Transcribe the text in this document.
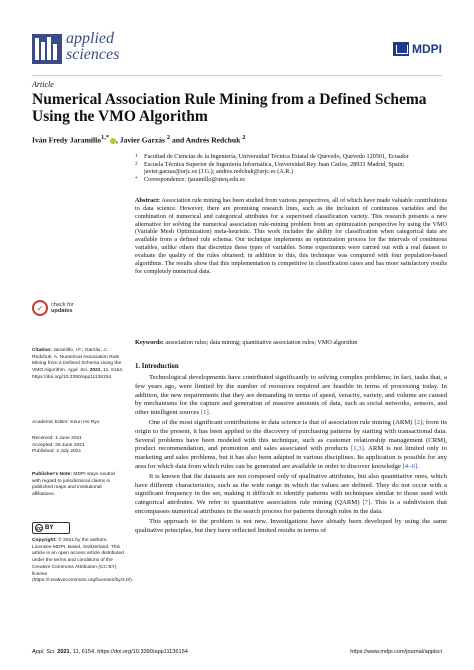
applied
sciences	MDPI
Article
Numerical Association Rule Mining from a Defined Schema Using the VMO Algorithm
Iván Fredy Jaramillo$^{1,*}$ , Javier Garzás $^2$ and Andrés Redchuk $^2$
1	Facultad de Ciencias de la Ingeniería, Universidad Técnica Estatal de Quevedo, Quevedo 120501, Ecuador
2	Escuela Técnica Superior de Ingeniería Informática, Universidad Rey Juan Carlos, 28933 Madrid, Spain; javier.garzas@urjc.es (J.G.); andres.redchuk@urjc.es (A.R.)
*	Correspondence: ijaramillo@uteq.edu.ec
Abstract: Association rule mining has been studied from various perspectives, all of which have made valuable contributions to data science. However, there are promising research lines, such as the inclusion of continuous variables and the combination of numerical and categorical attributes for a supervised classification variety. This research presents a new alternative for solving the numerical association rule-mining problem from an optimization perspective by using the VMO (Variable Mesh Optimization) meta-heuristic. This work includes the ability for classification when categorical data are available from a defined rule schema. Our technique implements an optimization process for the intervals of continuous variables, unlike others that discretize these types of variables. Some experiments were carried out with a real dataset to evaluate the quality of the rules obtained; in addition to this, this technique was compared with four population-based algorithms. The results show that this implementation is competitive in classification cases and has more satisfactory results for completely numerical data.
Keywords: association rules; data mining; quantitative association rules; VMO algorithm
✓	check for
updates
Citation: Jaramillo, I.F.; Garzás, J.; Redchuk, A. Numerical Association Rule Mining from a Defined Schema Using the VMO Algorithm. Appl. Sci. 2021, 11, 6154. https://doi.org/10.3390/app11136154
Academic Editor: Keun Ho Ryu
Received: 1 June 2021
Accepted: 25 June 2021
Published: 2 July 2021
Publisher's Note: MDPI stays neutral with regard to jurisdictional claims in published maps and institutional affiliations.
cc BY
Copyright: © 2021 by the authors. Licensee MDPI, Basel, Switzerland. This article is an open access article distributed under the terms and conditions of the Creative Commons Attribution (CC BY) license (https://creativecommons.org/licenses/by/4.0/).
1. Introduction

Technological developments have contributed significantly to solving complex problems; in fact, tasks that, a few years ago, were limited by the number of resources required are feasible in terms of processing today. In addition, the new requirements that they are demanding in terms of speed, veracity, variety, and volume are caused by mechanisms for the capture and generation of massive amounts of data, such as social networks, sensors, and other intelligent sources [1].

One of the most significant contributions to data science is that of association rule mining (ARM) [2]; from its origin to the present, it has been applied to the discovery of purchasing patterns by starting with transactional data. Several problems have been modeled with this technique, such as customer relationship management (CRM), product recommendation, and promotion and sales associated with products [1,3]. ARM is not limited only to marketing and sales problems, but it has also been adapted in various disciplines. Its application is possible for any area for which data from which rules can be generated are available in order to discover knowledge [4–6].

It is known that the datasets are not composed only of qualitative attributes, but also quantitative ones, which have different characteristics, such as the wide range in which the values are defined. They do not occur with a significant frequency in the set, making it difficult to identify patterns with techniques similar to those used with categorical attributes. We refer to quantitative association rule mining (QARM) [7]. This is a subdivision that encompasses numerical attributes in the search process for patterns through rules in the data.

This approach to the problem is not new. Investigations have already been developed by using the same qualitative principles, but they have reflected limited results in terms of

Appl. Sci. 2021, 11, 6154. https://doi.org/10.3390/app11136154	https://www.mdpi.com/journal/applsci
